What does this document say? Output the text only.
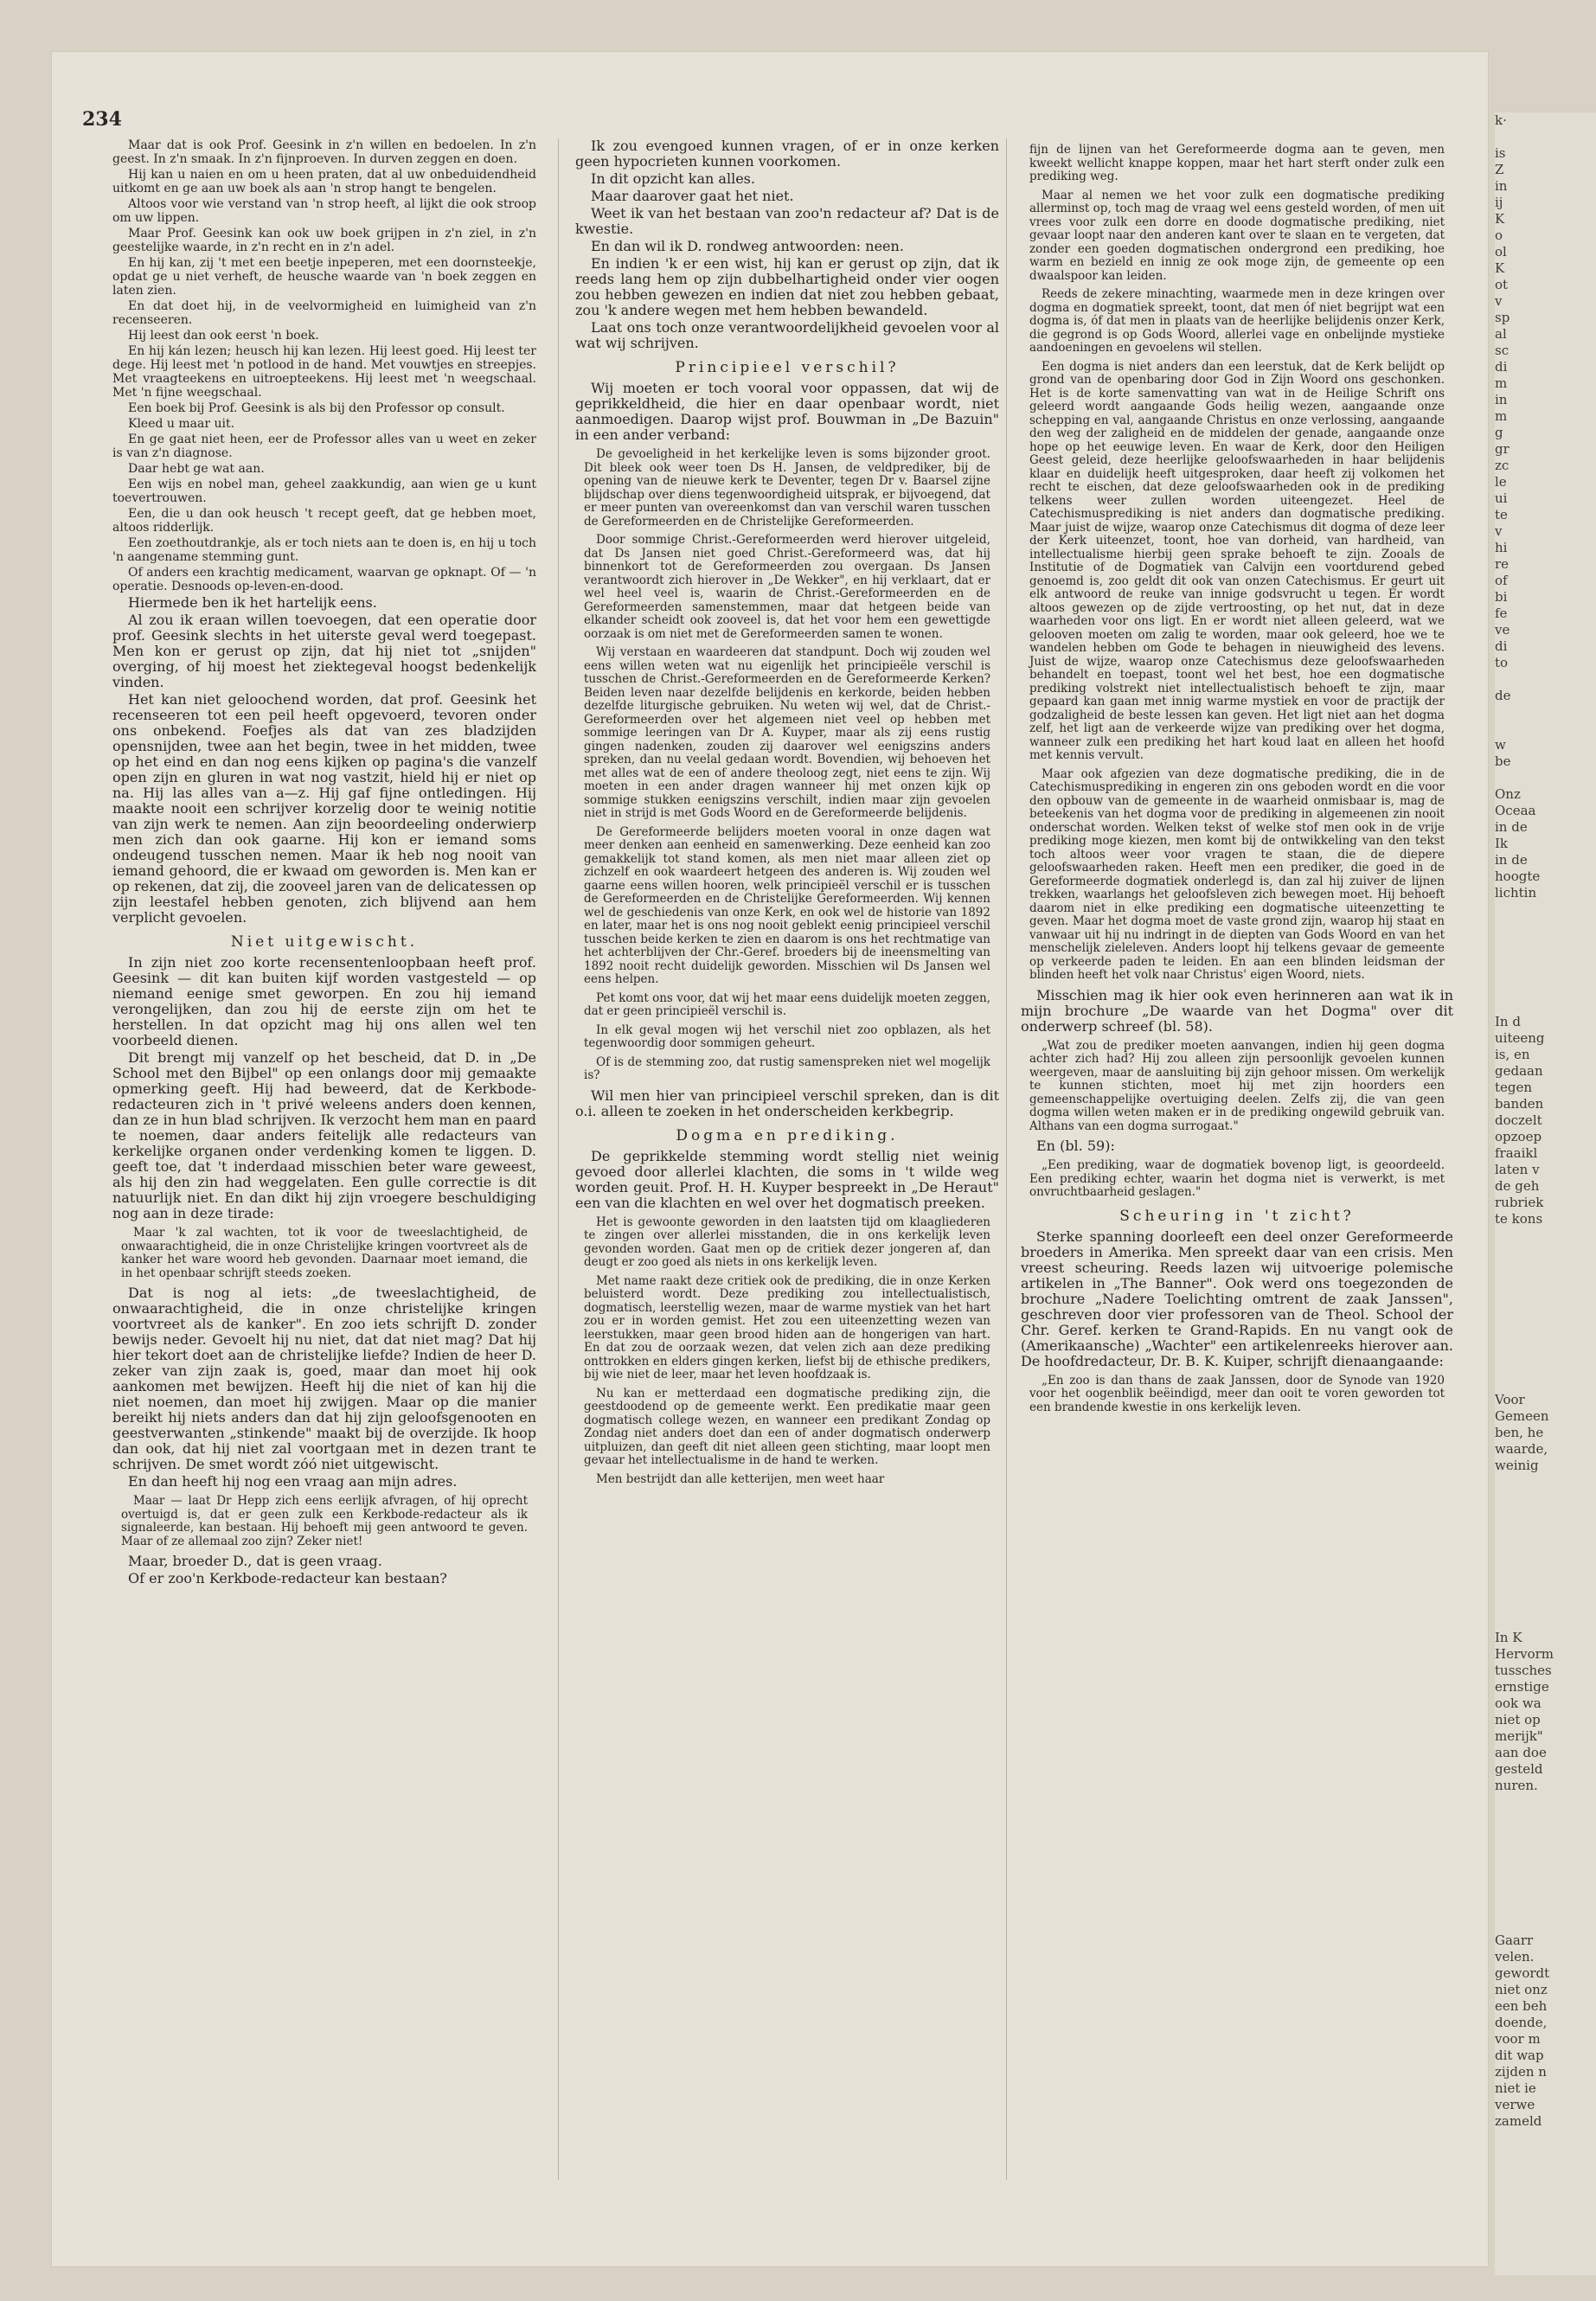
234

Maar dat is ook Prof. Geesink in z'n willen en bedoelen. In z'n geest. In z'n smaak. In z'n fijnproeven. In durven zeggen en doen.

Hij kan u naien en om u heen praten, dat al uw onbeduidendheid uitkomt en ge aan uw boek als aan 'n strop hangt te bengelen.

Altoos voor wie verstand van 'n strop heeft, al lijkt die ook stroop om uw lippen.

Maar Prof. Geesink kan ook uw boek grijpen in z'n ziel, in z'n geestelijke waarde, in z'n recht en in z'n adel.

En hij kan, zij 't met een beetje inpeperen, met een doornsteekje, opdat ge u niet verheft, de heusche waarde van 'n boek zeggen en laten zien.

En dat doet hij, in de veelvormigheid en luimigheid van z'n recenseeren.

Hij leest dan ook eerst 'n boek.

En hij kán lezen; heusch hij kan lezen. Hij leest goed. Hij leest ter dege. Hij leest met 'n potlood in de hand. Met vouwtjes en streepjes. Met vraagteekens en uitroepteekens. Hij leest met 'n weegschaal. Met 'n fijne weegschaal.

Een boek bij Prof. Geesink is als bij den Professor op consult.

Kleed u maar uit.

En ge gaat niet heen, eer de Professor alles van u weet en zeker is van z'n diagnose.

Daar hebt ge wat aan.

Een wijs en nobel man, geheel zaakkundig, aan wien ge u kunt toevertrouwen.

Een, die u dan ook heusch 't recept geeft, dat ge hebben moet, altoos ridderlijk.

Een zoethoutdrankje, als er toch niets aan te doen is, en hij u toch 'n aangename stemming gunt.

Of anders een krachtig medicament, waarvan ge opknapt. Of — 'n operatie. Desnoods op-leven-en-dood.

Hiermede ben ik het hartelijk eens.

Al zou ik eraan willen toevoegen, dat een operatie door prof. Geesink slechts in het uiterste geval werd toegepast. Men kon er gerust op zijn, dat hij niet tot „snijden" overging, of hij moest het ziektegeval hoogst bedenkelijk vinden.

Het kan niet geloochend worden, dat prof. Geesink het recenseeren tot een peil heeft opgevoerd, tevoren onder ons onbekend. Foefjes als dat van zes bladzijden opensnijden, twee aan het begin, twee in het midden, twee op het eind en dan nog eens kijken op pagina's die vanzelf open zijn en gluren in wat nog vastzit, hield hij er niet op na. Hij las alles van a—z. Hij gaf fijne ontledingen. Hij maakte nooit een schrijver korzelig door te weinig notitie van zijn werk te nemen. Aan zijn beoordeeling onderwierp men zich dan ook gaarne. Hij kon er iemand soms ondeugend tusschen nemen. Maar ik heb nog nooit van iemand gehoord, die er kwaad om geworden is. Men kan er op rekenen, dat zij, die zooveel jaren van de delicatessen op zijn leestafel hebben genoten, zich blijvend aan hem verplicht gevoelen.

Niet uitgewischt.

In zijn niet zoo korte recensentenloopbaan heeft prof. Geesink — dit kan buiten kijf worden vastgesteld — op niemand eenige smet geworpen. En zou hij iemand verongelijken, dan zou hij de eerste zijn om het te herstellen. In dat opzicht mag hij ons allen wel ten voorbeeld dienen.

Dit brengt mij vanzelf op het bescheid, dat D. in „De School met den Bijbel" op een onlangs door mij gemaakte opmerking geeft. Hij had beweerd, dat de Kerkbode-redacteuren zich in 't privé weleens anders doen kennen, dan ze in hun blad schrijven. Ik verzocht hem man en paard te noemen, daar anders feitelijk alle redacteurs van kerkelijke organen onder verdenking komen te liggen. D. geeft toe, dat 't inderdaad misschien beter ware geweest, als hij den zin had weggelaten. Een gulle correctie is dit natuurlijk niet. En dan dikt hij zijn vroegere beschuldiging nog aan in deze tirade:

Maar 'k zal wachten, tot ik voor de tweeslachtigheid, de onwaarachtigheid, die in onze Christelijke kringen voortvreet als de kanker het ware woord heb gevonden. Daarnaar moet iemand, die in het openbaar schrijft steeds zoeken.

Dat is nog al iets: „de tweeslachtigheid, de onwaarachtigheid, die in onze christelijke kringen voortvreet als de kanker". En zoo iets schrijft D. zonder bewijs neder. Gevoelt hij nu niet, dat dat niet mag? Dat hij hier tekort doet aan de christelijke liefde? Indien de heer D. zeker van zijn zaak is, goed, maar dan moet hij ook aankomen met bewijzen. Heeft hij die niet of kan hij die niet noemen, dan moet hij zwijgen. Maar op die manier bereikt hij niets anders dan dat hij zijn geloofsgenooten en geestverwanten „stinkende" maakt bij de overzijde. Ik hoop dan ook, dat hij niet zal voortgaan met in dezen trant te schrijven. De smet wordt zóó niet uitgewischt.

En dan heeft hij nog een vraag aan mijn adres.

Maar — laat Dr Hepp zich eens eerlijk afvragen, of hij oprecht overtuigd is, dat er geen zulk een Kerkbode-redacteur als ik signaleerde, kan bestaan. Hij behoeft mij geen antwoord te geven. Maar of ze allemaal zoo zijn? Zeker niet!

Maar, broeder D., dat is geen vraag.

Of er zoo'n Kerkbode-redacteur kan bestaan?

Ik zou evengoed kunnen vragen, of er in onze kerken geen hypocrieten kunnen voorkomen.

In dit opzicht kan alles.

Maar daarover gaat het niet.

Weet ik van het bestaan van zoo'n redacteur af? Dat is de kwestie.

En dan wil ik D. rondweg antwoorden: neen.

En indien 'k er een wist, hij kan er gerust op zijn, dat ik reeds lang hem op zijn dubbelhartigheid onder vier oogen zou hebben gewezen en indien dat niet zou hebben gebaat, zou 'k andere wegen met hem hebben bewandeld.

Laat ons toch onze verantwoordelijkheid gevoelen voor al wat wij schrijven.

Principieel verschil?

Wij moeten er toch vooral voor oppassen, dat wij de geprikkeldheid, die hier en daar openbaar wordt, niet aanmoedigen. Daarop wijst prof. Bouwman in „De Bazuin" in een ander verband:

De gevoeligheid in het kerkelijke leven is soms bijzonder groot. Dit bleek ook weer toen Ds H. Jansen, de veldprediker, bij de opening van de nieuwe kerk te Deventer, tegen Dr v. Baarsel zijne blijdschap over diens tegenwoordigheid uitsprak, er bijvoegend, dat er meer punten van overeenkomst dan van verschil waren tusschen de Gereformeerden en de Christelijke Gereformeerden.

Door sommige Christ.-Gereformeerden werd hierover uitgeleid, dat Ds Jansen niet goed Christ.-Gereformeerd was, dat hij binnenkort tot de Gereformeerden zou overgaan. Ds Jansen verantwoordt zich hierover in „De Wekker", en hij verklaart, dat er wel heel veel is, waarin de Christ.-Gereformeerden en de Gereformeerden samenstemmen, maar dat hetgeen beide van elkander scheidt ook zooveel is, dat het voor hem een gewettigde oorzaak is om niet met de Gereformeerden samen te wonen.

Wij verstaan en waardeeren dat standpunt. Doch wij zouden wel eens willen weten wat nu eigenlijk het principieële verschil is tusschen de Christ.-Gereformeerden en de Gereformeerde Kerken? Beiden leven naar dezelfde belijdenis en kerkorde, beiden hebben dezelfde liturgische gebruiken. Nu weten wij wel, dat de Christ.-Gereformeerden over het algemeen niet veel op hebben met sommige leeringen van Dr A. Kuyper, maar als zij eens rustig gingen nadenken, zouden zij daarover wel eenigszins anders spreken, dan nu veelal gedaan wordt. Bovendien, wij behoeven het met alles wat de een of andere theoloog zegt, niet eens te zijn. Wij moeten in een ander dragen wanneer hij met onzen kijk op sommige stukken eenigszins verschilt, indien maar zijn gevoelen niet in strijd is met Gods Woord en de Gereformeerde belijdenis.

De Gereformeerde belijders moeten vooral in onze dagen wat meer denken aan eenheid en samenwerking. Deze eenheid kan zoo gemakkelijk tot stand komen, als men niet maar alleen ziet op zichzelf en ook waardeert hetgeen des anderen is. Wij zouden wel gaarne eens willen hooren, welk principieël verschil er is tusschen de Gereformeerden en de Christelijke Gereformeerden. Wij kennen wel de geschiedenis van onze Kerk, en ook wel de historie van 1892 en later, maar het is ons nog nooit geblekt eenig principieel verschil tusschen beide kerken te zien en daarom is ons het rechtmatige van het achterblijven der Chr.-Geref. broeders bij de ineensmelting van 1892 nooit recht duidelijk geworden. Misschien wil Ds Jansen wel eens helpen.

Pet komt ons voor, dat wij het maar eens duidelijk moeten zeggen, dat er geen principieël verschil is.

In elk geval mogen wij het verschil niet zoo opblazen, als het tegenwoordig door sommigen geheurt.

Of is de stemming zoo, dat rustig samenspreken niet wel mogelijk is?

Wil men hier van principieel verschil spreken, dan is dit o.i. alleen te zoeken in het onderscheiden kerkbegrip.

Dogma en prediking.

De geprikkelde stemming wordt stellig niet weinig gevoed door allerlei klachten, die soms in 't wilde weg worden geuit. Prof. H. H. Kuyper bespreekt in „De Heraut" een van die klachten en wel over het dogmatisch preeken.

Het is gewoonte geworden in den laatsten tijd om klaagliederen te zingen over allerlei misstanden, die in ons kerkelijk leven gevonden worden. Gaat men op de critiek dezer jongeren af, dan deugt er zoo goed als niets in ons kerkelijk leven.

Met name raakt deze critiek ook de prediking, die in onze Kerken beluisterd wordt. Deze prediking zou intellectualistisch, dogmatisch, leerstellig wezen, maar de warme mystiek van het hart zou er in worden gemist. Het zou een uiteenzetting wezen van leerstukken, maar geen brood hiden aan de hongerigen van hart. En dat zou de oorzaak wezen, dat velen zich aan deze prediking onttrokken en elders gingen kerken, liefst bij de ethische predikers, bij wie niet de leer, maar het leven hoofdzaak is.

Nu kan er metterdaad een dogmatische prediking zijn, die geestdoodend op de gemeente werkt. Een predikatie maar geen dogmatisch college wezen, en wanneer een predikant Zondag op Zondag niet anders doet dan een of ander dogmatisch onderwerp uitpluizen, dan geeft dit niet alleen geen stichting, maar loopt men gevaar het intellectualisme in de hand te werken.

Men bestrijdt dan alle ketterijen, men weet haar

fijn de lijnen van het Gereformeerde dogma aan te geven, men kweekt wellicht knappe koppen, maar het hart sterft onder zulk een prediking weg.

Maar al nemen we het voor zulk een dogmatische prediking allerminst op, toch mag de vraag wel eens gesteld worden, of men uit vrees voor zulk een dorre en doode dogmatische prediking, niet gevaar loopt naar den anderen kant over te slaan en te vergeten, dat zonder een goeden dogmatischen ondergrond een prediking, hoe warm en bezield en innig ze ook moge zijn, de gemeente op een dwaalspoor kan leiden.

Reeds de zekere minachting, waarmede men in deze kringen over dogma en dogmatiek spreekt, toont, dat men óf niet begrijpt wat een dogma is, óf dat men in plaats van de heerlijke belijdenis onzer Kerk, die gegrond is op Gods Woord, allerlei vage en onbelijnde mystieke aandoeningen en gevoelens wil stellen.

Een dogma is niet anders dan een leerstuk, dat de Kerk belijdt op grond van de openbaring door God in Zijn Woord ons geschonken. Het is de korte samenvatting van wat in de Heilige Schrift ons geleerd wordt aangaande Gods heilig wezen, aangaande onze schepping en val, aangaande Christus en onze verlossing, aangaande den weg der zaligheid en de middelen der genade, aangaande onze hope op het eeuwige leven. En waar de Kerk, door den Heiligen Geest geleid, deze heerlijke geloofswaarheden in haar belijdenis klaar en duidelijk heeft uitgesproken, daar heeft zij volkomen het recht te eischen, dat deze geloofswaarheden ook in de prediking telkens weer zullen worden uiteengezet. Heel de Catechismusprediking is niet anders dan dogmatische prediking. Maar juist de wijze, waarop onze Catechismus dit dogma of deze leer der Kerk uiteenzet, toont, hoe van dorheid, van hardheid, van intellectualisme hierbij geen sprake behoeft te zijn. Zooals de Institutie of de Dogmatiek van Calvijn een voortdurend gebed genoemd is, zoo geldt dit ook van onzen Catechismus. Er geurt uit elk antwoord de reuke van innige godsvrucht u tegen. Er wordt altoos gewezen op de zijde vertroosting, op het nut, dat in deze waarheden voor ons ligt. En er wordt niet alleen geleerd, wat we gelooven moeten om zalig te worden, maar ook geleerd, hoe we te wandelen hebben om Gode te behagen in nieuwigheid des levens. Juist de wijze, waarop onze Catechismus deze geloofswaarheden behandelt en toepast, toont wel het best, hoe een dogmatische prediking volstrekt niet intellectualistisch behoeft te zijn, maar gepaard kan gaan met innig warme mystiek en voor de practijk der godzaligheid de beste lessen kan geven. Het ligt niet aan het dogma zelf, het ligt aan de verkeerde wijze van prediking over het dogma, wanneer zulk een prediking het hart koud laat en alleen het hoofd met kennis vervult.

Maar ook afgezien van deze dogmatische prediking, die in de Catechismusprediking in engeren zin ons geboden wordt en die voor den opbouw van de gemeente in de waarheid onmisbaar is, mag de beteekenis van het dogma voor de prediking in algemeenen zin nooit onderschat worden. Welken tekst of welke stof men ook in de vrije prediking moge kiezen, men komt bij de ontwikkeling van den tekst toch altoos weer voor vragen te staan, die de diepere geloofswaarheden raken. Heeft men een prediker, die goed in de Gereformeerde dogmatiek onderlegd is, dan zal hij zuiver de lijnen trekken, waarlangs het geloofsleven zich bewegen moet. Hij behoeft daarom niet in elke prediking een dogmatische uiteenzetting te geven. Maar het dogma moet de vaste grond zijn, waarop hij staat en vanwaar uit hij nu indringt in de diepten van Gods Woord en van het menschelijk zieleleven. Anders loopt hij telkens gevaar de gemeente op verkeerde paden te leiden. En aan een blinden leidsman der blinden heeft het volk naar Christus' eigen Woord, niets.

Misschien mag ik hier ook even herinneren aan wat ik in mijn brochure „De waarde van het Dogma" over dit onderwerp schreef (bl. 58).

„Wat zou de prediker moeten aanvangen, indien hij geen dogma achter zich had? Hij zou alleen zijn persoonlijk gevoelen kunnen weergeven, maar de aansluiting bij zijn gehoor missen. Om werkelijk te kunnen stichten, moet hij met zijn hoorders een gemeenschappelijke overtuiging deelen. Zelfs zij, die van geen dogma willen weten maken er in de prediking ongewild gebruik van. Althans van een dogma surrogaat."

En (bl. 59):

„Een prediking, waar de dogmatiek bovenop ligt, is geoordeeld. Een prediking echter, waarin het dogma niet is verwerkt, is met onvruchtbaarheid geslagen."

Scheuring in 't zicht?

Sterke spanning doorleeft een deel onzer Gereformeerde broeders in Amerika. Men spreekt daar van een crisis. Men vreest scheuring. Reeds lazen wij uitvoerige polemische artikelen in „The Banner". Ook werd ons toegezonden de brochure „Nadere Toelichting omtrent de zaak Janssen", geschreven door vier professoren van de Theol. School der Chr. Geref. kerken te Grand-Rapids. En nu vangt ook de (Amerikaansche) „Wachter" een artikelenreeks hierover aan. De hoofdredacteur, Dr. B. K. Kuiper, schrijft dienaangaande:

„En zoo is dan thans de zaak Janssen, door de Synode van 1920 voor het oogenblik beëindigd, meer dan ooit te voren geworden tot een brandende kwestie in ons kerkelijk leven.

k·

is
Z
in
ij
K
o
ol
K
ot
v
sp
al
sc
di
m
in
m
g
gr
zc
le
ui
te
v
hi
re
of
bi
fe
ve
di
to

de

w
be

Onz
Oceaa
in de
Ik
in de
hoogte
lichtin
In d
uiteeng
is, en
gedaan
tegen
banden
doczelt
opzoep
fraaikl
laten v
de geh
rubriek
te kons
Voor
Gemeen
ben, he
waarde,
weinig
In K
Hervorm
tussches
ernstige
ook wa
niet op
merijk"
aan doe
gesteld
nuren.
Gaarr
velen.
gewordt
niet onz
een beh
doende,
voor m
dit wap
zijden n
niet ie
verwe
zameld
